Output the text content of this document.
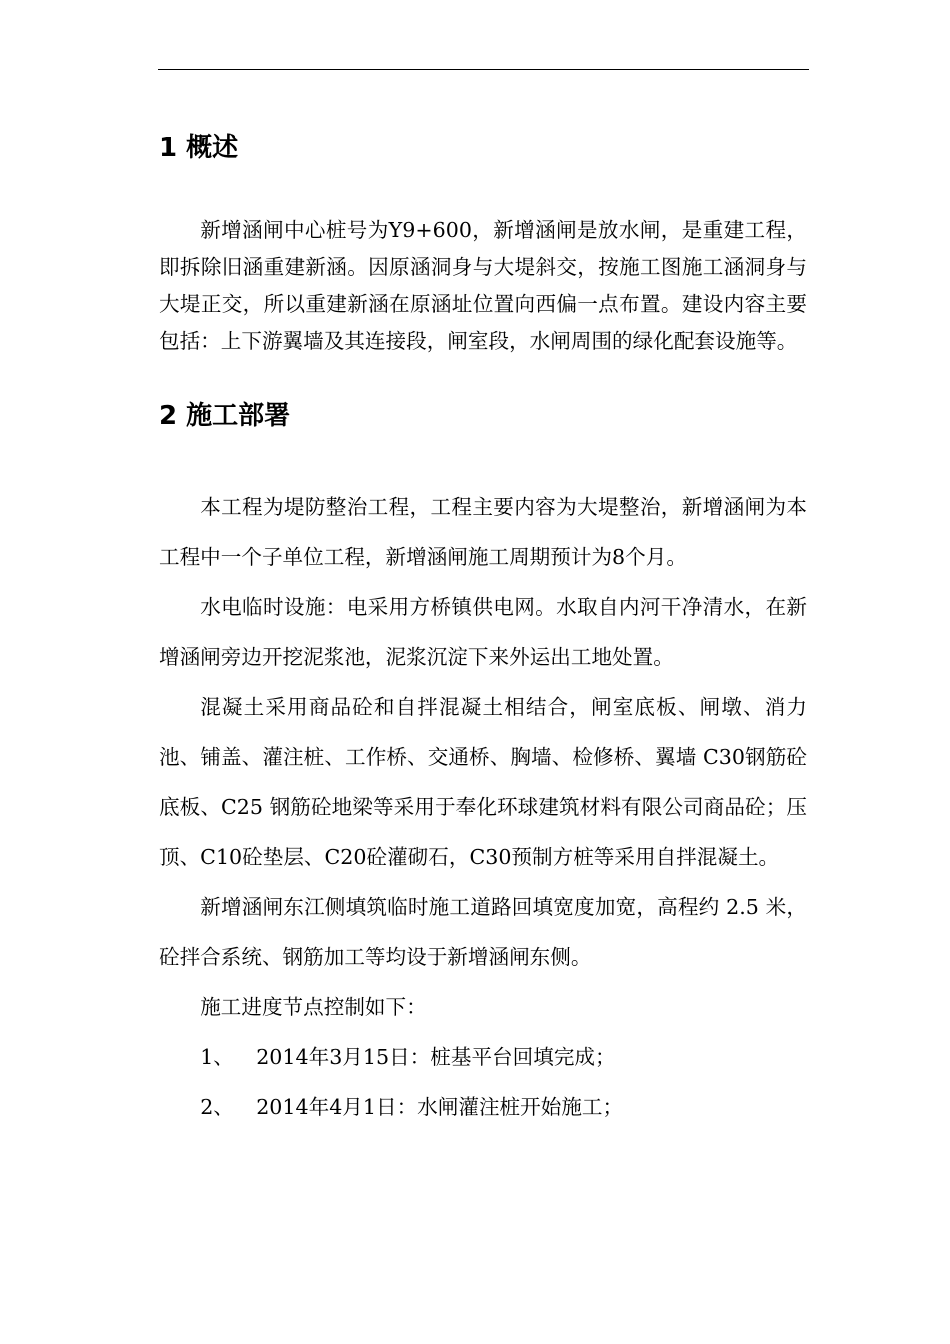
1 概述

新增涵闸中心桩号为Y9+600，新增涵闸是放水闸，是重建工程，即拆除旧涵重建新涵。因原涵洞身与大堤斜交，按施工图施工涵洞身与大堤正交，所以重建新涵在原涵址位置向西偏一点布置。建设内容主要包括：上下游翼墙及其连接段，闸室段，水闸周围的绿化配套设施等。

2 施工部署

本工程为堤防整治工程，工程主要内容为大堤整治，新增涵闸为本工程中一个子单位工程，新增涵闸施工周期预计为8个月。

水电临时设施：电采用方桥镇供电网。水取自内河干净清水，在新增涵闸旁边开挖泥浆池，泥浆沉淀下来外运出工地处置。

混凝土采用商品砼和自拌混凝土相结合，闸室底板、闸墩、消力池、铺盖、灌注桩、工作桥、交通桥、胸墙、检修桥、翼墙 C30钢筋砼底板、C25 钢筋砼地梁等采用于奉化环球建筑材料有限公司商品砼；压顶、C10砼垫层、C20砼灌砌石，C30预制方桩等采用自拌混凝土。

新增涵闸东江侧填筑临时施工道路回填宽度加宽，高程约 2.5 米，砼拌合系统、钢筋加工等均设于新增涵闸东侧。

施工进度节点控制如下：

1、 2014年3月15日：桩基平台回填完成；
2、 2014年4月1日：水闸灌注桩开始施工；
